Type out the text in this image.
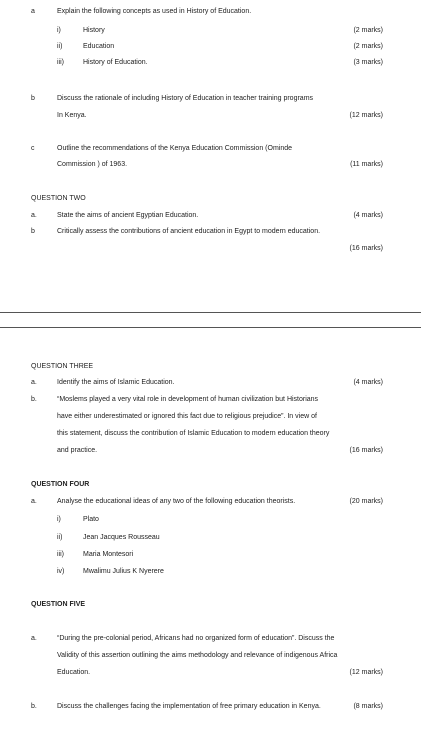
a	Explain the following concepts as used in History of Education.
i)	History	(2 marks)
ii)	Education	(2 marks)
iii)	History of Education.	(3 marks)
b	Discuss the rationale of including History of Education in teacher training programs
In Kenya.	(12 marks)
c	Outline the recommendations of the Kenya Education Commission (Ominde
Commission ) of 1963.	(11 marks)
QUESTION TWO
a.	State the aims of ancient Egyptian Education.	(4 marks)
b	Critically assess the contributions of ancient education in Egypt to modern education.
(16 marks)
QUESTION THREE
a.	Identify the aims of Islamic Education.	(4 marks)
b.	“Moslems played a very vital role in development of human civilization but Historians
have either underestimated or ignored this fact due to religious prejudice”. In view of
this statement, discuss the contribution of Islamic Education to modern education theory
and practice.	(16 marks)
QUESTION FOUR
a.	Analyse the educational ideas of any two of the following education theorists.	(20 marks)
i)	Plato
ii)	Jean Jacques Rousseau
iii)	Maria Montesori
iv)	Mwalimu Julius K Nyerere
QUESTION FIVE
a.	“During the pre-colonial period, Africans had no organized form of education”. Discuss the
Validity of this assertion outlining the aims methodology and relevance of indigenous Africa
Education.	(12 marks)
b.	Discuss the challenges facing the implementation of free primary education in Kenya.	(8 marks)
